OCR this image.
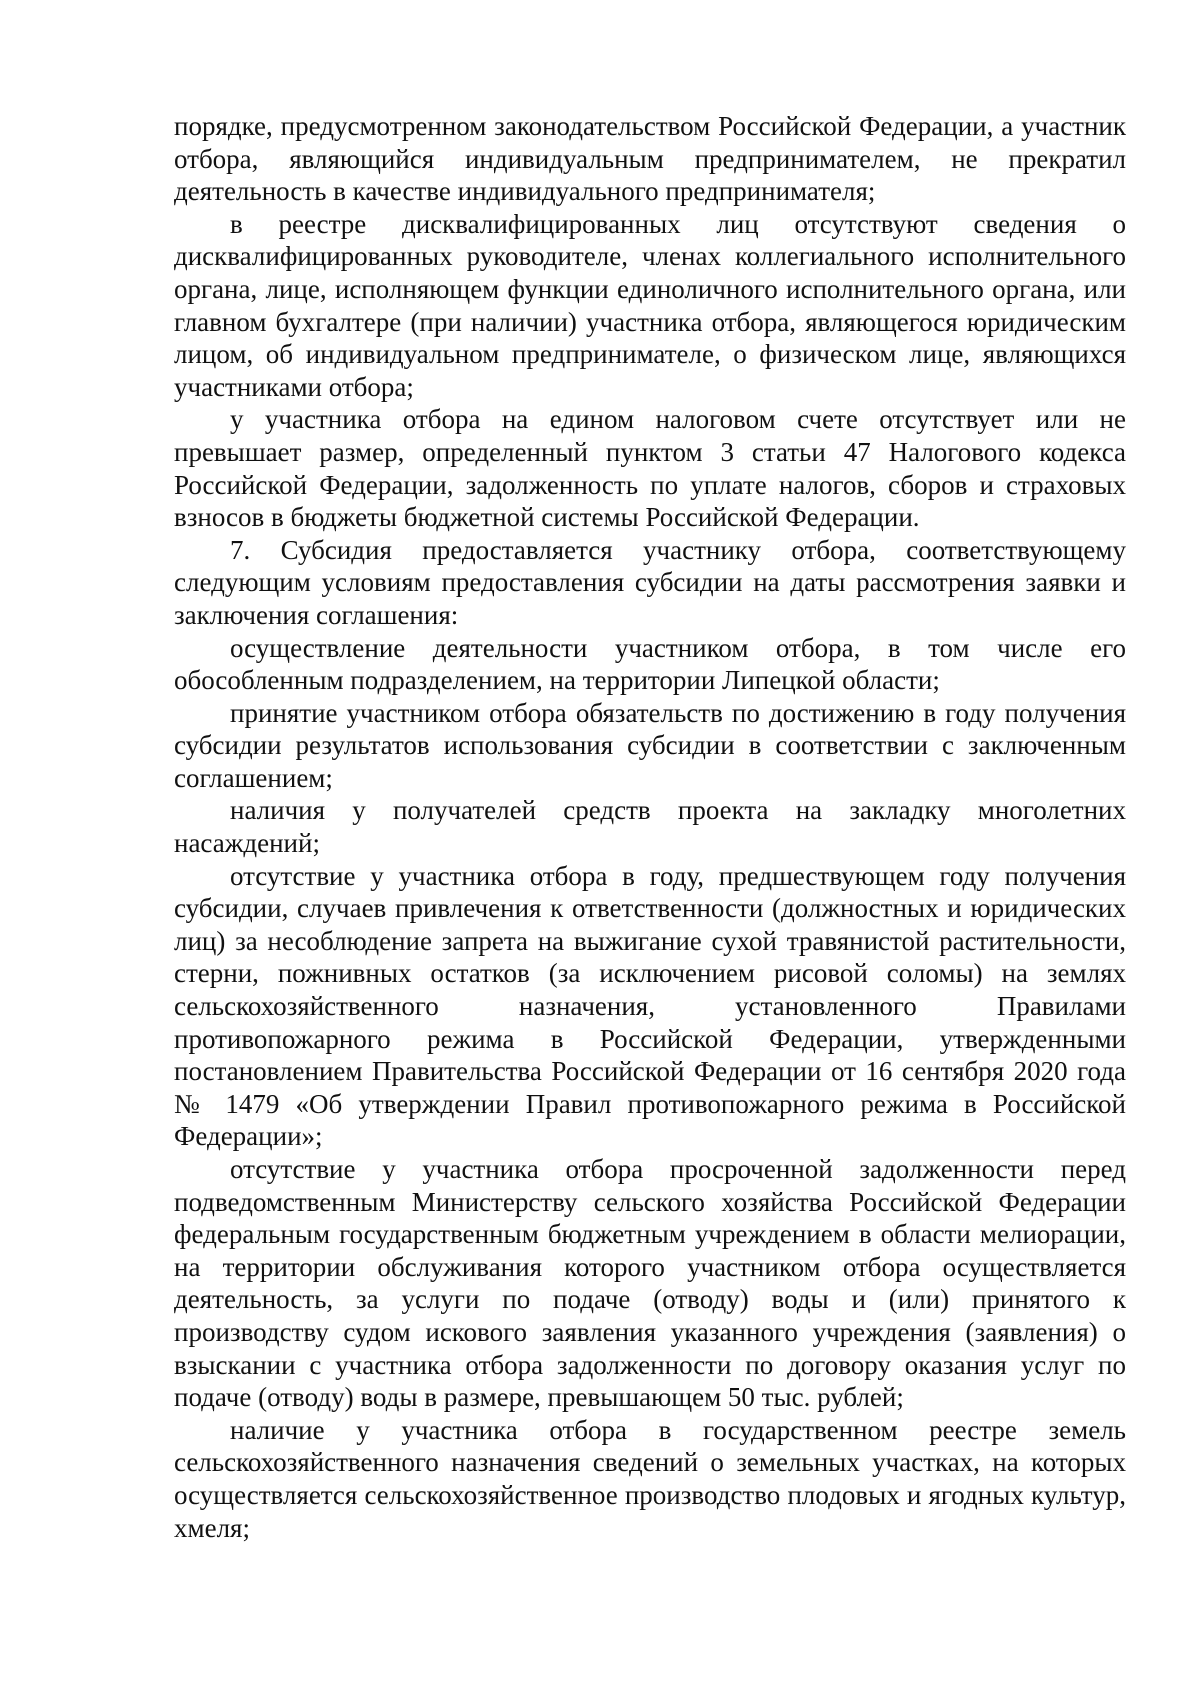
порядке, предусмотренном законодательством Российской Федерации, а участник отбора, являющийся индивидуальным предпринимателем, не прекратил деятельность в качестве индивидуального предпринимателя;

в реестре дисквалифицированных лиц отсутствуют сведения о дисквалифицированных руководителе, членах коллегиального исполнительного органа, лице, исполняющем функции единоличного исполнительного органа, или главном бухгалтере (при наличии) участника отбора, являющегося юридическим лицом, об индивидуальном предпринимателе, о физическом лице, являющихся участниками отбора;

у участника отбора на едином налоговом счете отсутствует или не превышает размер, определенный пунктом 3 статьи 47 Налогового кодекса Российской Федерации, задолженность по уплате налогов, сборов и страховых взносов в бюджеты бюджетной системы Российской Федерации.

7. Субсидия предоставляется участнику отбора, соответствующему следующим условиям предоставления субсидии на даты рассмотрения заявки и заключения соглашения:

осуществление деятельности участником отбора, в том числе его обособленным подразделением, на территории Липецкой области;

принятие участником отбора обязательств по достижению в году получения субсидии результатов использования субсидии в соответствии с заключенным соглашением;

наличия у получателей средств проекта на закладку многолетних насаждений;

отсутствие у участника отбора в году, предшествующем году получения субсидии, случаев привлечения к ответственности (должностных и юридических лиц) за несоблюдение запрета на выжигание сухой травянистой растительности, стерни, пожнивных остатков (за исключением рисовой соломы) на землях сельскохозяйственного назначения, установленного Правилами противопожарного режима в Российской Федерации, утвержденными постановлением Правительства Российской Федерации от 16 сентября 2020 года № 1479 «Об утверждении Правил противопожарного режима в Российской Федерации»;

отсутствие у участника отбора просроченной задолженности перед подведомственным Министерству сельского хозяйства Российской Федерации федеральным государственным бюджетным учреждением в области мелиорации, на территории обслуживания которого участником отбора осуществляется деятельность, за услуги по подаче (отводу) воды и (или) принятого к производству судом искового заявления указанного учреждения (заявления) о взыскании с участника отбора задолженности по договору оказания услуг по подаче (отводу) воды в размере, превышающем 50 тыс. рублей;

наличие у участника отбора в государственном реестре земель сельскохозяйственного назначения сведений о земельных участках, на которых осуществляется сельскохозяйственное производство плодовых и ягодных культур, хмеля;
